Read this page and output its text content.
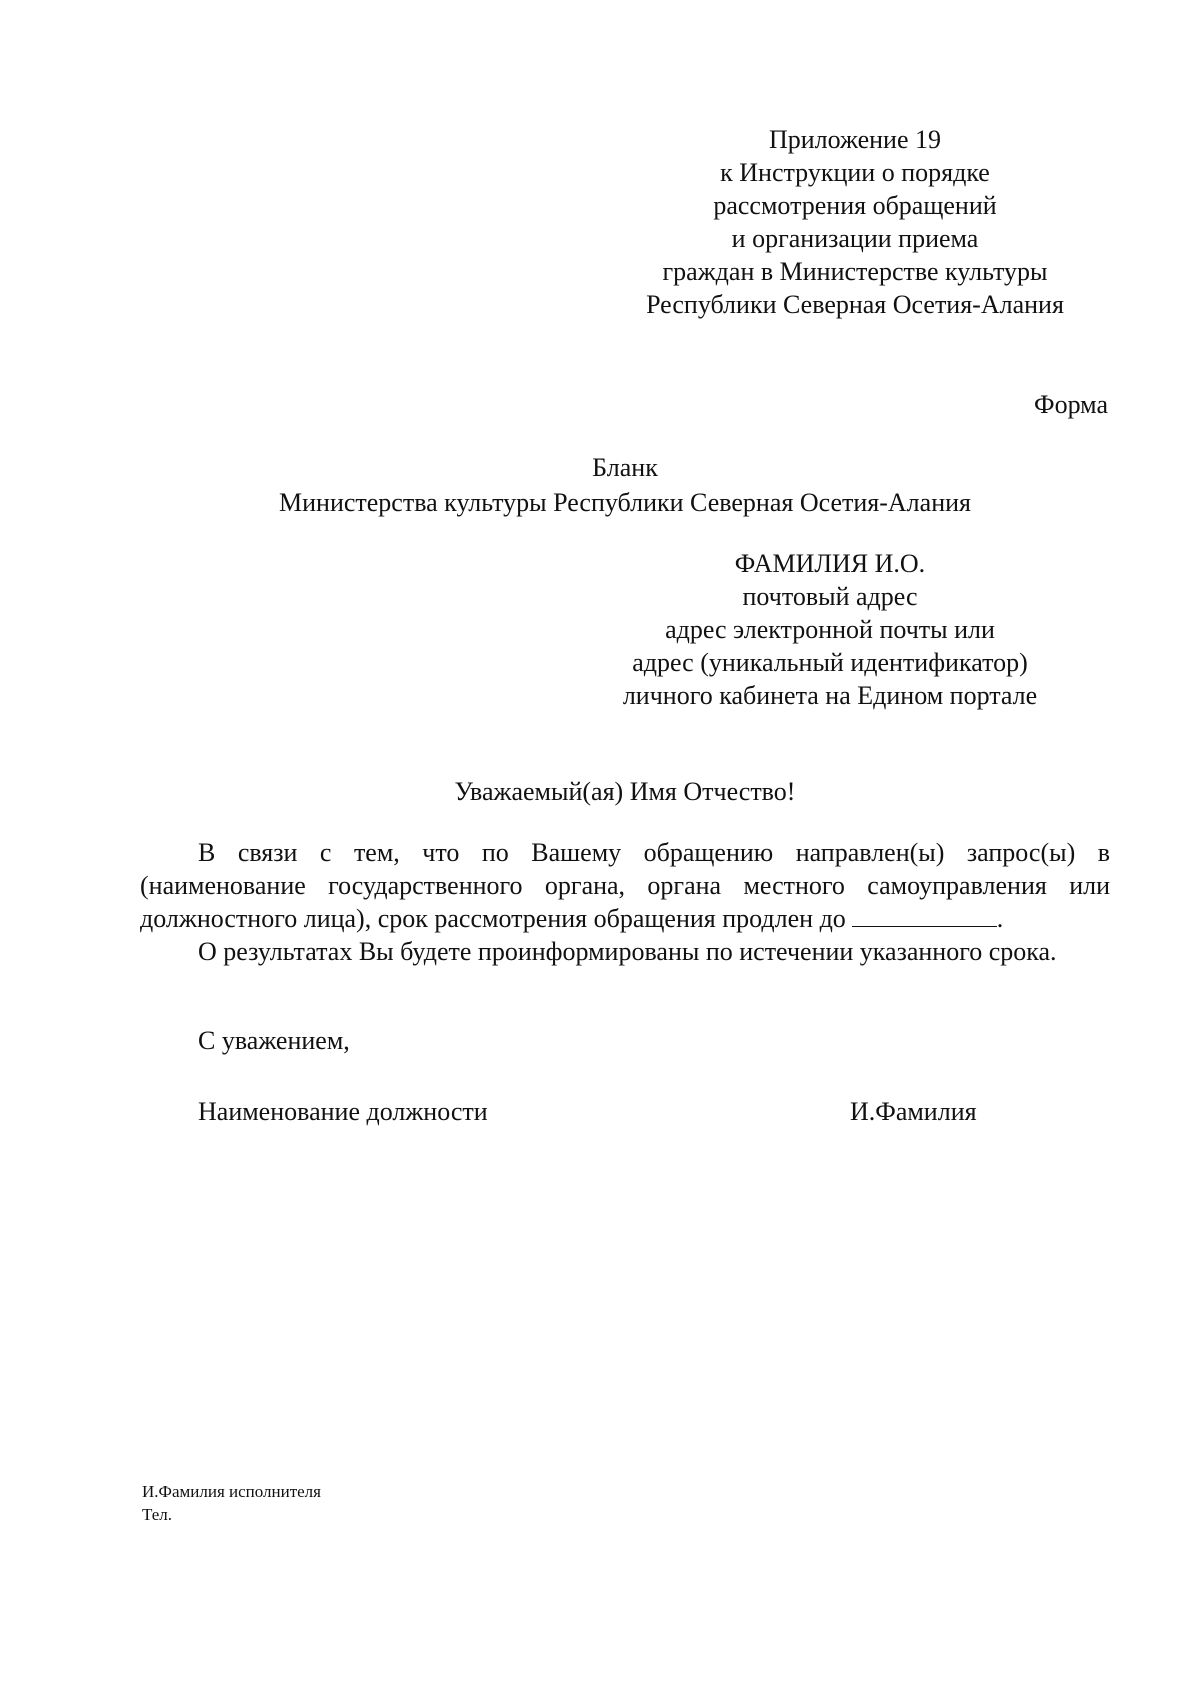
Приложение 19
к Инструкции о порядке
рассмотрения обращений
и организации приема
граждан в Министерстве культуры
Республики Северная Осетия-Алания
Форма
Бланк
Министерства культуры Республики Северная Осетия-Алания
ФАМИЛИЯ И.О.
почтовый адрес
адрес электронной почты или
адрес (уникальный идентификатор)
личного кабинета на Едином портале
Уважаемый(ая) Имя Отчество!

В связи с тем, что по Вашему обращению направлен(ы) запрос(ы) в (наименование государственного органа, органа местного самоуправления или должностного лица), срок рассмотрения обращения продлен до	.

О результатах Вы будете проинформированы по истечении указанного срока.

С уважением,
Наименование должности	И.Фамилия
И.Фамилия исполнителя
Тел.
